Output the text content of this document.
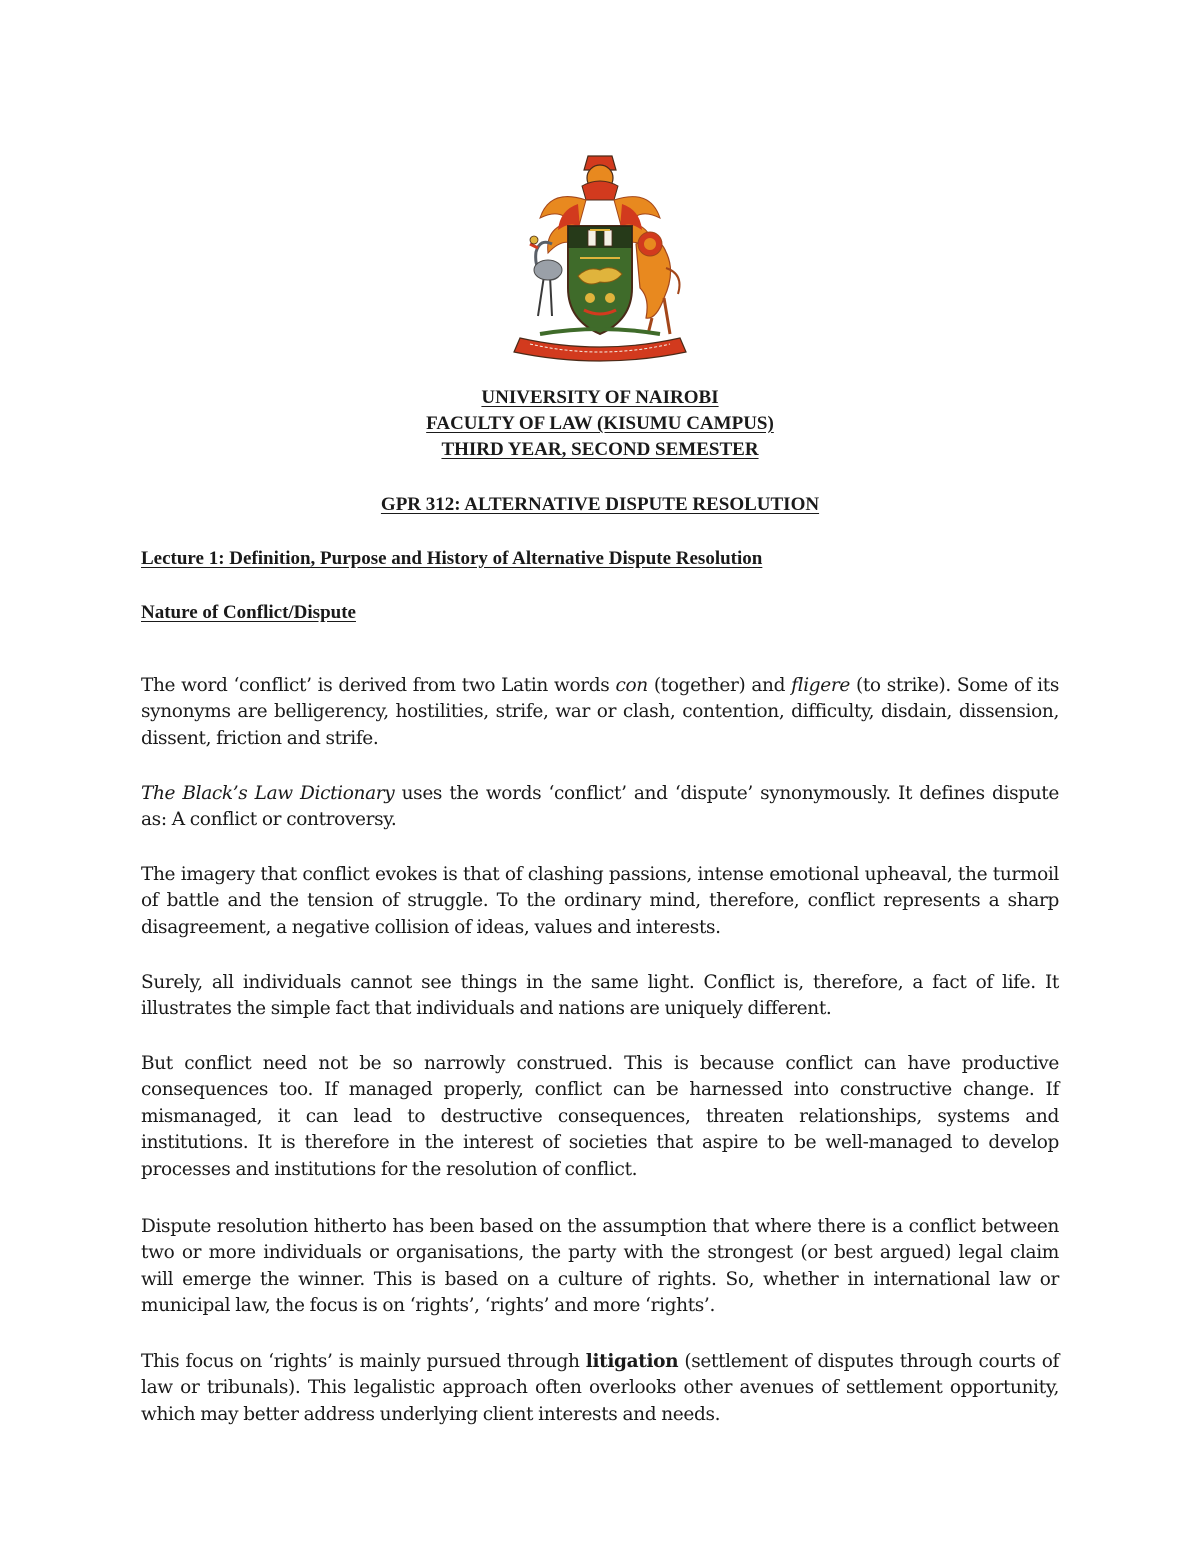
UNIVERSITY OF NAIROBI
FACULTY OF LAW (KISUMU CAMPUS)
THIRD YEAR, SECOND SEMESTER
GPR 312: ALTERNATIVE DISPUTE RESOLUTION
Lecture 1: Definition, Purpose and History of Alternative Dispute Resolution
Nature of Conflict/Dispute

The word ‘conflict’ is derived from two Latin words con (together) and fligere (to strike). Some of its synonyms are belligerency, hostilities, strife, war or clash, contention, difficulty, disdain, dissension, dissent, friction and strife.

The Black’s Law Dictionary uses the words ‘conflict’ and ‘dispute’ synonymously. It defines dispute as: A conflict or controversy.

The imagery that conflict evokes is that of clashing passions, intense emotional upheaval, the turmoil of battle and the tension of struggle. To the ordinary mind, therefore, conflict represents a sharp disagreement, a negative collision of ideas, values and interests.

Surely, all individuals cannot see things in the same light. Conflict is, therefore, a fact of life. It illustrates the simple fact that individuals and nations are uniquely different.

But conflict need not be so narrowly construed. This is because conflict can have productive consequences too. If managed properly, conflict can be harnessed into constructive change. If mismanaged, it can lead to destructive consequences, threaten relationships, systems and institutions. It is therefore in the interest of societies that aspire to be well-managed to develop processes and institutions for the resolution of conflict.

Dispute resolution hitherto has been based on the assumption that where there is a conflict between two or more individuals or organisations, the party with the strongest (or best argued) legal claim will emerge the winner. This is based on a culture of rights. So, whether in international law or municipal law, the focus is on ‘rights’, ‘rights’ and more ‘rights’.

This focus on ‘rights’ is mainly pursued through litigation (settlement of disputes through courts of law or tribunals). This legalistic approach often overlooks other avenues of settlement opportunity, which may better address underlying client interests and needs.
